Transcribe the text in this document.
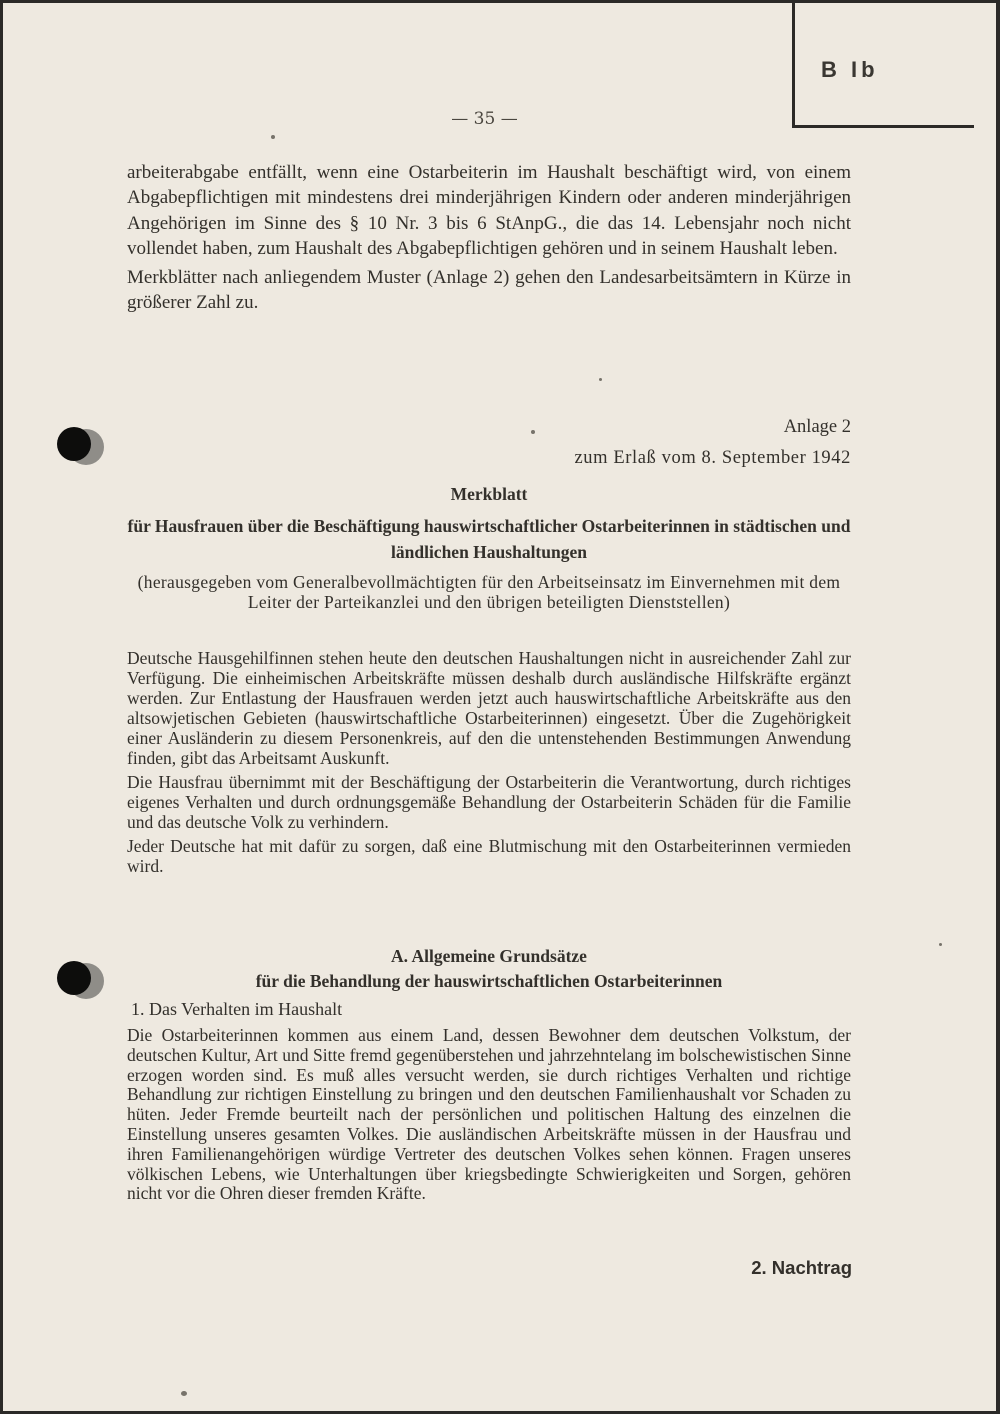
B Ib
— 35 —

arbeiterabgabe entfällt, wenn eine Ostarbeiterin im Haushalt beschäftigt wird, von einem Abgabepflichtigen mit mindestens drei minderjährigen Kindern oder anderen minderjährigen Angehörigen im Sinne des § 10 Nr. 3 bis 6 StAnpG., die das 14. Lebensjahr noch nicht vollendet haben, zum Haushalt des Abgabepflichtigen gehören und in seinem Haushalt leben.

Merkblätter nach anliegendem Muster (Anlage 2) gehen den Landesarbeitsämtern in Kürze in größerer Zahl zu.

Anlage 2
zum Erlaß vom 8. September 1942
Merkblatt
für Hausfrauen über die Beschäftigung hauswirtschaftlicher Ostarbeiterinnen in städtischen und ländlichen Haushaltungen
(herausgegeben vom Generalbevollmächtigten für den Arbeitseinsatz im Einvernehmen mit dem Leiter der Parteikanzlei und den übrigen beteiligten Dienststellen)

Deutsche Hausgehilfinnen stehen heute den deutschen Haushaltungen nicht in ausreichender Zahl zur Verfügung. Die einheimischen Arbeitskräfte müssen deshalb durch ausländische Hilfskräfte ergänzt werden. Zur Entlastung der Hausfrauen werden jetzt auch hauswirtschaftliche Arbeitskräfte aus den altsowjetischen Gebieten (hauswirtschaftliche Ostarbeiterinnen) eingesetzt. Über die Zugehörigkeit einer Ausländerin zu diesem Personenkreis, auf den die untenstehenden Bestimmungen Anwendung finden, gibt das Arbeitsamt Auskunft.

Die Hausfrau übernimmt mit der Beschäftigung der Ostarbeiterin die Verantwortung, durch richtiges eigenes Verhalten und durch ordnungsgemäße Behandlung der Ostarbeiterin Schäden für die Familie und das deutsche Volk zu verhindern.

Jeder Deutsche hat mit dafür zu sorgen, daß eine Blutmischung mit den Ostarbeiterinnen vermieden wird.

A. Allgemeine Grundsätze
für die Behandlung der hauswirtschaftlichen Ostarbeiterinnen
1. Das Verhalten im Haushalt

Die Ostarbeiterinnen kommen aus einem Land, dessen Bewohner dem deutschen Volkstum, der deutschen Kultur, Art und Sitte fremd gegenüberstehen und jahrzehntelang im bolschewistischen Sinne erzogen worden sind. Es muß alles versucht werden, sie durch richtiges Verhalten und richtige Behandlung zur richtigen Einstellung zu bringen und den deutschen Familienhaushalt vor Schaden zu hüten. Jeder Fremde beurteilt nach der persönlichen und politischen Haltung des einzelnen die Einstellung unseres gesamten Volkes. Die ausländischen Arbeitskräfte müssen in der Hausfrau und ihren Familienangehörigen würdige Vertreter des deutschen Volkes sehen können. Fragen unseres völkischen Lebens, wie Unterhaltungen über kriegsbedingte Schwierigkeiten und Sorgen, gehören nicht vor die Ohren dieser fremden Kräfte.

2. Nachtrag
